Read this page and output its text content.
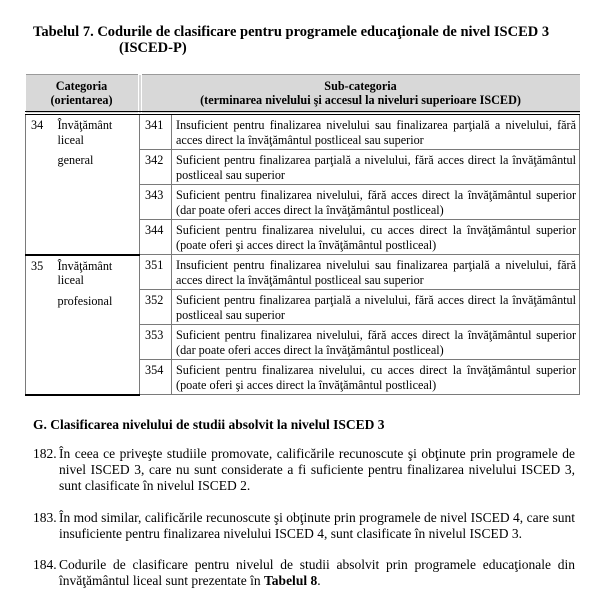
Tabelul 7. Codurile de clasificare pentru programele educaţionale de nivel ISCED 3
(ISCED-P)
Categoria
(orientarea)		Sub-categoria
(terminarea nivelului şi accesul la niveluri superioare ISCED)	

34	Învăţământ
liceal
general	341	Insuficient pentru finalizarea nivelului sau finalizarea parţială a nivelului, fără acces direct la învăţământul postliceal sau superior
		342	Suficient pentru finalizarea parţială a nivelului, fără acces direct la învăţământul postliceal sau superior
		343	Suficient pentru finalizarea nivelului, fără acces direct la învăţământul superior (dar poate oferi acces direct la învăţământul postliceal)
		344	Suficient pentru finalizarea nivelului, cu acces direct la învăţământul superior (poate oferi şi acces direct la învăţământul postliceal)
35	Învăţământ
liceal
profesional	351	Insuficient pentru finalizarea nivelului sau finalizarea parţială a nivelului, fără acces direct la învăţământul postliceal sau superior
		352	Suficient pentru finalizarea parţială a nivelului, fără acces direct la învăţământul postliceal sau superior
		353	Suficient pentru finalizarea nivelului, fără acces direct la învăţământul superior (dar poate oferi acces direct la învăţământul postliceal)
		354	Suficient pentru finalizarea nivelului, cu acces direct la învăţământul superior (poate oferi şi acces direct la învăţământul postliceal)
G. Clasificarea nivelului de studii absolvit la nivelul ISCED 3
182. În ceea ce priveşte studiile promovate, calificările recunoscute şi obţinute prin programele de nivel ISCED 3, care nu sunt considerate a fi suficiente pentru finalizarea nivelului ISCED 3, sunt clasificate în nivelul ISCED 2.
183. În mod similar, calificările recunoscute şi obţinute prin programele de nivel ISCED 4, care sunt insuficiente pentru finalizarea nivelului ISCED 4, sunt clasificate în nivelul ISCED 3.
184. Codurile de clasificare pentru nivelul de studii absolvit prin programele educaţionale din învăţământul liceal sunt prezentate în Tabelul 8.
